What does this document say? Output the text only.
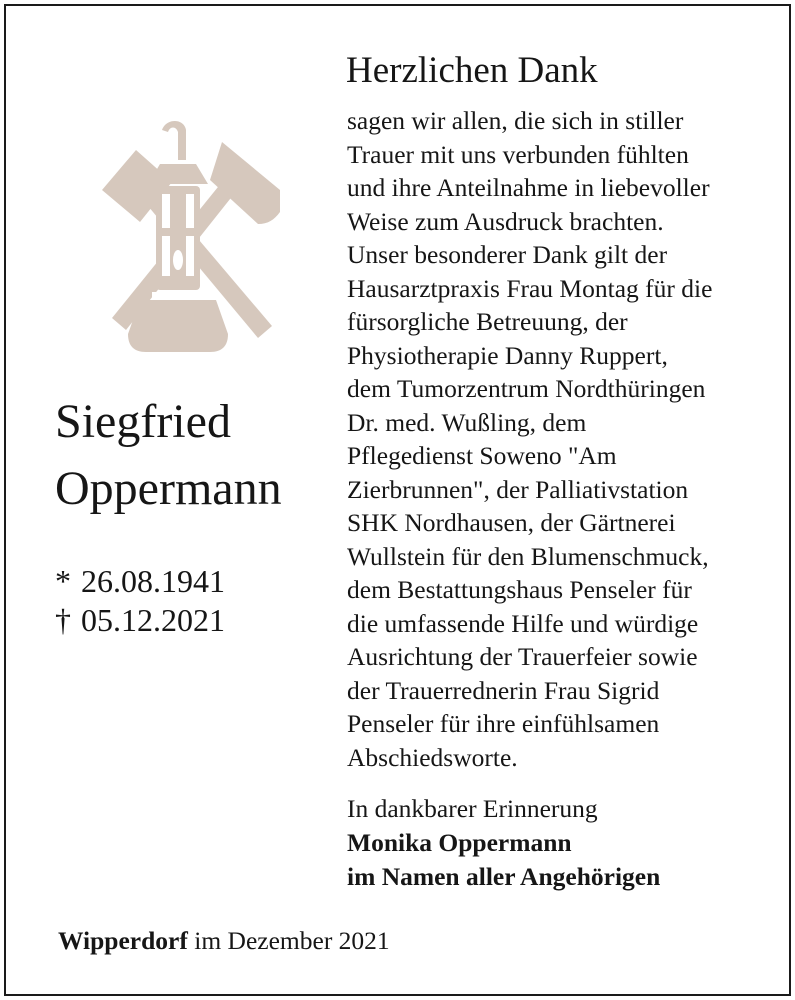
Siegfried
Oppermann
* 26.08.1941
† 05.12.2021
Herzlichen Dank
sagen wir allen, die sich in stiller
Trauer mit uns verbunden fühlten
und ihre Anteilnahme in liebevoller
Weise zum Ausdruck brachten.
Unser besonderer Dank gilt der
Hausarztpraxis Frau Montag für die
fürsorgliche Betreuung, der
Physiotherapie Danny Ruppert,
dem Tumorzentrum Nordthüringen
Dr. med. Wußling, dem
Pflegedienst Soweno "Am
Zierbrunnen", der Palliativstation
SHK Nordhausen, der Gärtnerei
Wullstein für den Blumenschmuck,
dem Bestattungshaus Penseler für
die umfassende Hilfe und würdige
Ausrichtung der Trauerfeier sowie
der Trauerrednerin Frau Sigrid
Penseler für ihre einfühlsamen
Abschiedsworte.
In dankbarer Erinnerung
Monika Oppermann
im Namen aller Angehörigen
Wipperdorf im Dezember 2021
